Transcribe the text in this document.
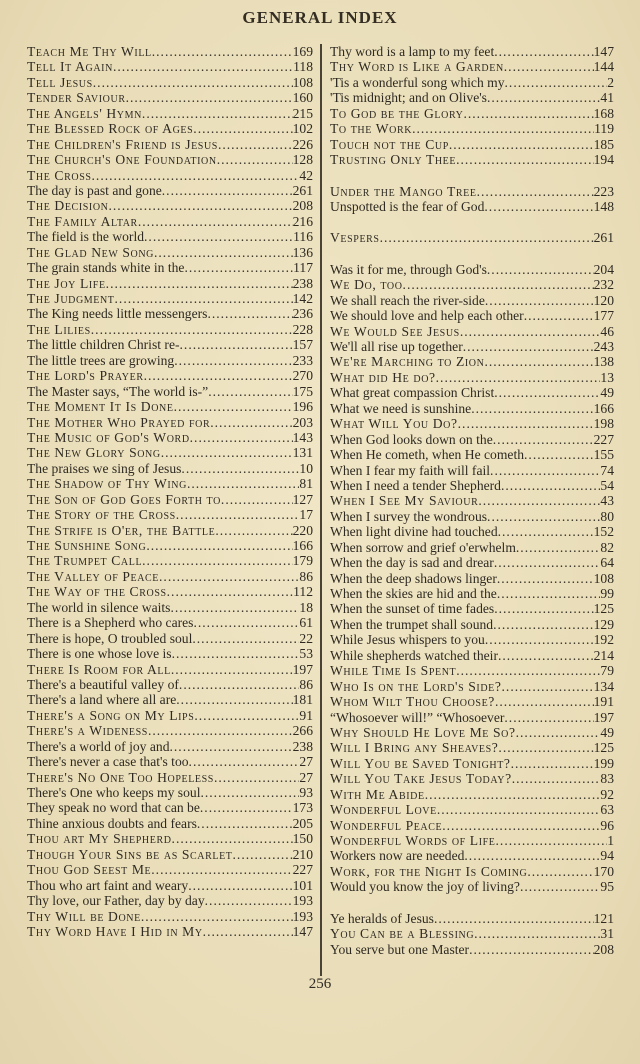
GENERAL INDEX
Teach Me Thy Will .....	169
Tell It Again .....	118
Tell Jesus .....	108
Tender Saviour .....	160
The Angels' Hymn .....	215
The Blessed Rock of Ages .....	102
The Children's Friend is Jesus .....	226
The Church's One Foundation .....	128
The Cross .....	42
The day is past and gone .....	261
The Decision .....	208
The Family Altar .....	216
The field is the world .....	116
The Glad New Song .....	136
The grain stands white in the .....	117
The Joy Life .....	238
The Judgment .....	142
The King needs little messengers .....	236
The Lilies .....	228
The little children Christ re- .....	157
The little trees are growing .....	233
The Lord's Prayer .....	270
The Master says, “The world is-” .....	175
The Moment It Is Done .....	196
The Mother Who Prayed for .....	203
The Music of God's Word .....	143
The New Glory Song .....	131
The praises we sing of Jesus .....	10
The Shadow of Thy Wing .....	81
The Son of God Goes Forth to .....	127
The Story of the Cross .....	17
The Strife is O'er, the Battle .....	220
The Sunshine Song .....	166
The Trumpet Call .....	179
The Valley of Peace .....	86
The Way of the Cross .....	112
The world in silence waits .....	18
There is a Shepherd who cares .....	61
There is hope, O troubled soul .....	22
There is one whose love is .....	53
There Is Room for All .....	197
There's a beautiful valley of .....	86
There's a land where all are .....	181
There's a Song on My Lips .....	91
There's a Wideness .....	266
There's a world of joy and .....	238
There's never a case that's too .....	27
There's No One Too Hopeless .....	27
There's One who keeps my soul .....	93
They speak no word that can be .....	173
Thine anxious doubts and fears .....	205
Thou art My Shepherd .....	150
Though Your Sins be as Scarlet .....	210
Thou God Seest Me .....	227
Thou who art faint and weary .....	101
Thy love, our Father, day by day .....	193
Thy Will be Done .....	193
Thy Word Have I Hid in My .....	147
Thy word is a lamp to my feet .....	147
Thy Word is Like a Garden .....	144
'Tis a wonderful song which my .....	2
'Tis midnight; and on Olive's .....	41
To God be the Glory .....	168
To the Work .....	119
Touch not the Cup .....	185
Trusting Only Thee .....	194
Under the Mango Tree .....	223
Unspotted is the fear of God .....	148
Vespers .....	261
Was it for me, through God's .....	204
We Do, too .....	232
We shall reach the river-side .....	120
We should love and help each other .....	177
We Would See Jesus .....	46
We'll all rise up together .....	243
We're Marching to Zion .....	138
What did He do? .....	13
What great compassion Christ .....	49
What we need is sunshine .....	166
What Will You Do? .....	198
When God looks down on the .....	227
When He cometh, when He cometh .....	155
When I fear my faith will fail .....	74
When I need a tender Shepherd .....	54
When I See My Saviour .....	43
When I survey the wondrous .....	80
When light divine had touched .....	152
When sorrow and grief o'erwhelm .....	82
When the day is sad and drear .....	64
When the deep shadows linger .....	108
When the skies are hid and the .....	99
When the sunset of time fades .....	125
When the trumpet shall sound .....	129
While Jesus whispers to you .....	192
While shepherds watched their .....	214
While Time Is Spent .....	79
Who Is on the Lord's Side? .....	134
Whom Wilt Thou Choose? .....	191
“Whosoever will!” “Whosoever .....	197
Why Should He Love Me So? .....	49
Will I Bring any Sheaves? .....	125
Will You be Saved Tonight? .....	199
Will You Take Jesus Today? .....	83
With Me Abide .....	92
Wonderful Love .....	63
Wonderful Peace .....	96
Wonderful Words of Life .....	1
Workers now are needed .....	94
Work, for the Night Is Coming .....	170
Would you know the joy of living? .....	95
Ye heralds of Jesus .....	121
You Can be a Blessing .....	31
You serve but one Master .....	208
256
